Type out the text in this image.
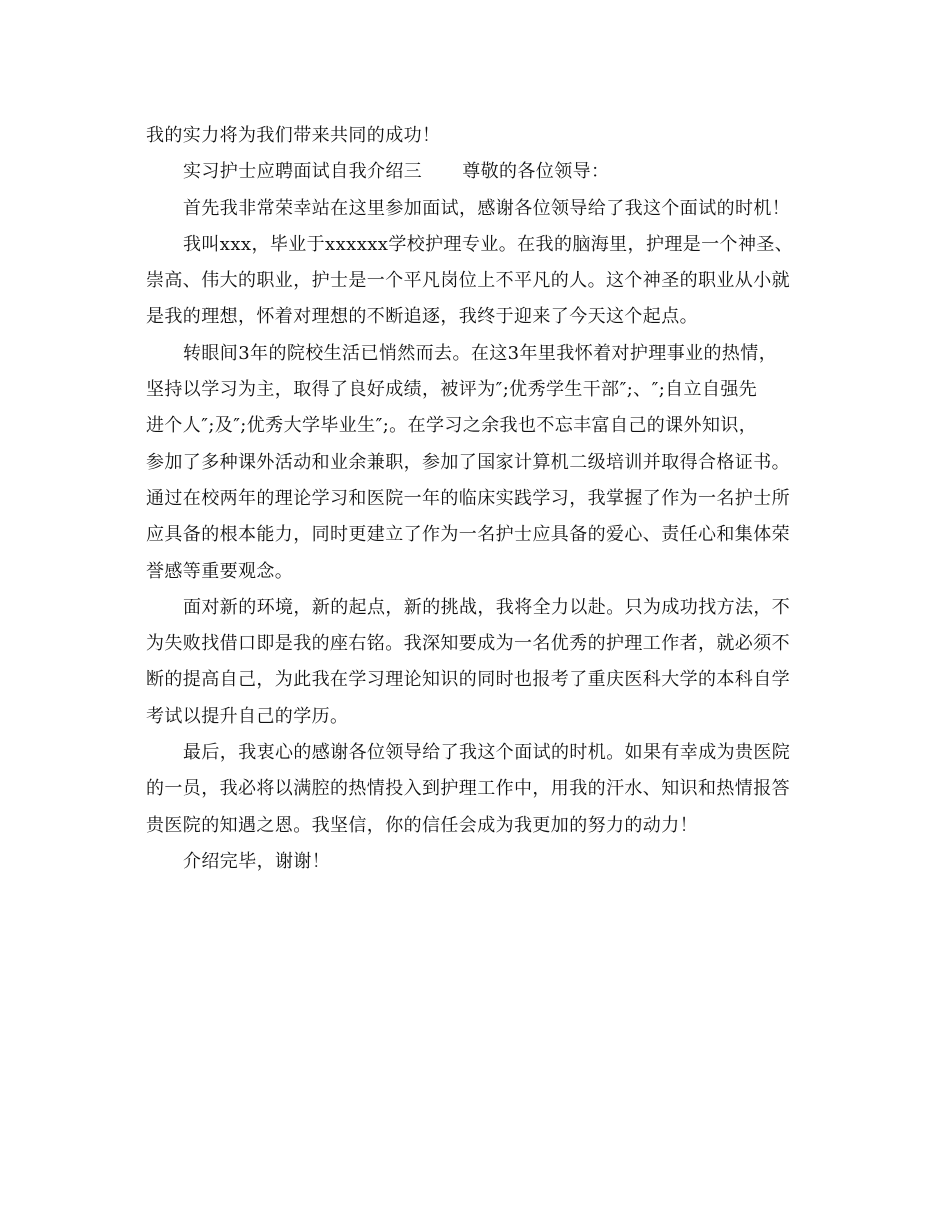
我的实力将为我们带来共同的成功！

实习护士应聘面试自我介绍三 尊敬的各位领导：

首先我非常荣幸站在这里参加面试，感谢各位领导给了我这个面试的时机！

我叫xxx，毕业于xxxxxx学校护理专业。在我的脑海里，护理是一个神圣、
崇高、伟大的职业，护士是一个平凡岗位上不平凡的人。这个神圣的职业从小就
是我的理想，怀着对理想的不断追逐，我终于迎来了今天这个起点。

转眼间3年的院校生活已悄然而去。在这3年里我怀着对护理事业的热情，
坚持以学习为主，取得了良好成绩，被评为″;优秀学生干部″;、″;自立自强先
进个人″;及″;优秀大学毕业生″;。在学习之余我也不忘丰富自己的课外知识，
参加了多种课外活动和业余兼职，参加了国家计算机二级培训并取得合格证书。
通过在校两年的理论学习和医院一年的临床实践学习，我掌握了作为一名护士所
应具备的根本能力，同时更建立了作为一名护士应具备的爱心、责任心和集体荣
誉感等重要观念。

面对新的环境，新的起点，新的挑战，我将全力以赴。只为成功找方法，不
为失败找借口即是我的座右铭。我深知要成为一名优秀的护理工作者，就必须不
断的提高自己，为此我在学习理论知识的同时也报考了重庆医科大学的本科自学
考试以提升自己的学历。

最后，我衷心的感谢各位领导给了我这个面试的时机。如果有幸成为贵医院
的一员，我必将以满腔的热情投入到护理工作中，用我的汗水、知识和热情报答
贵医院的知遇之恩。我坚信，你的信任会成为我更加的努力的动力！

介绍完毕，谢谢！
